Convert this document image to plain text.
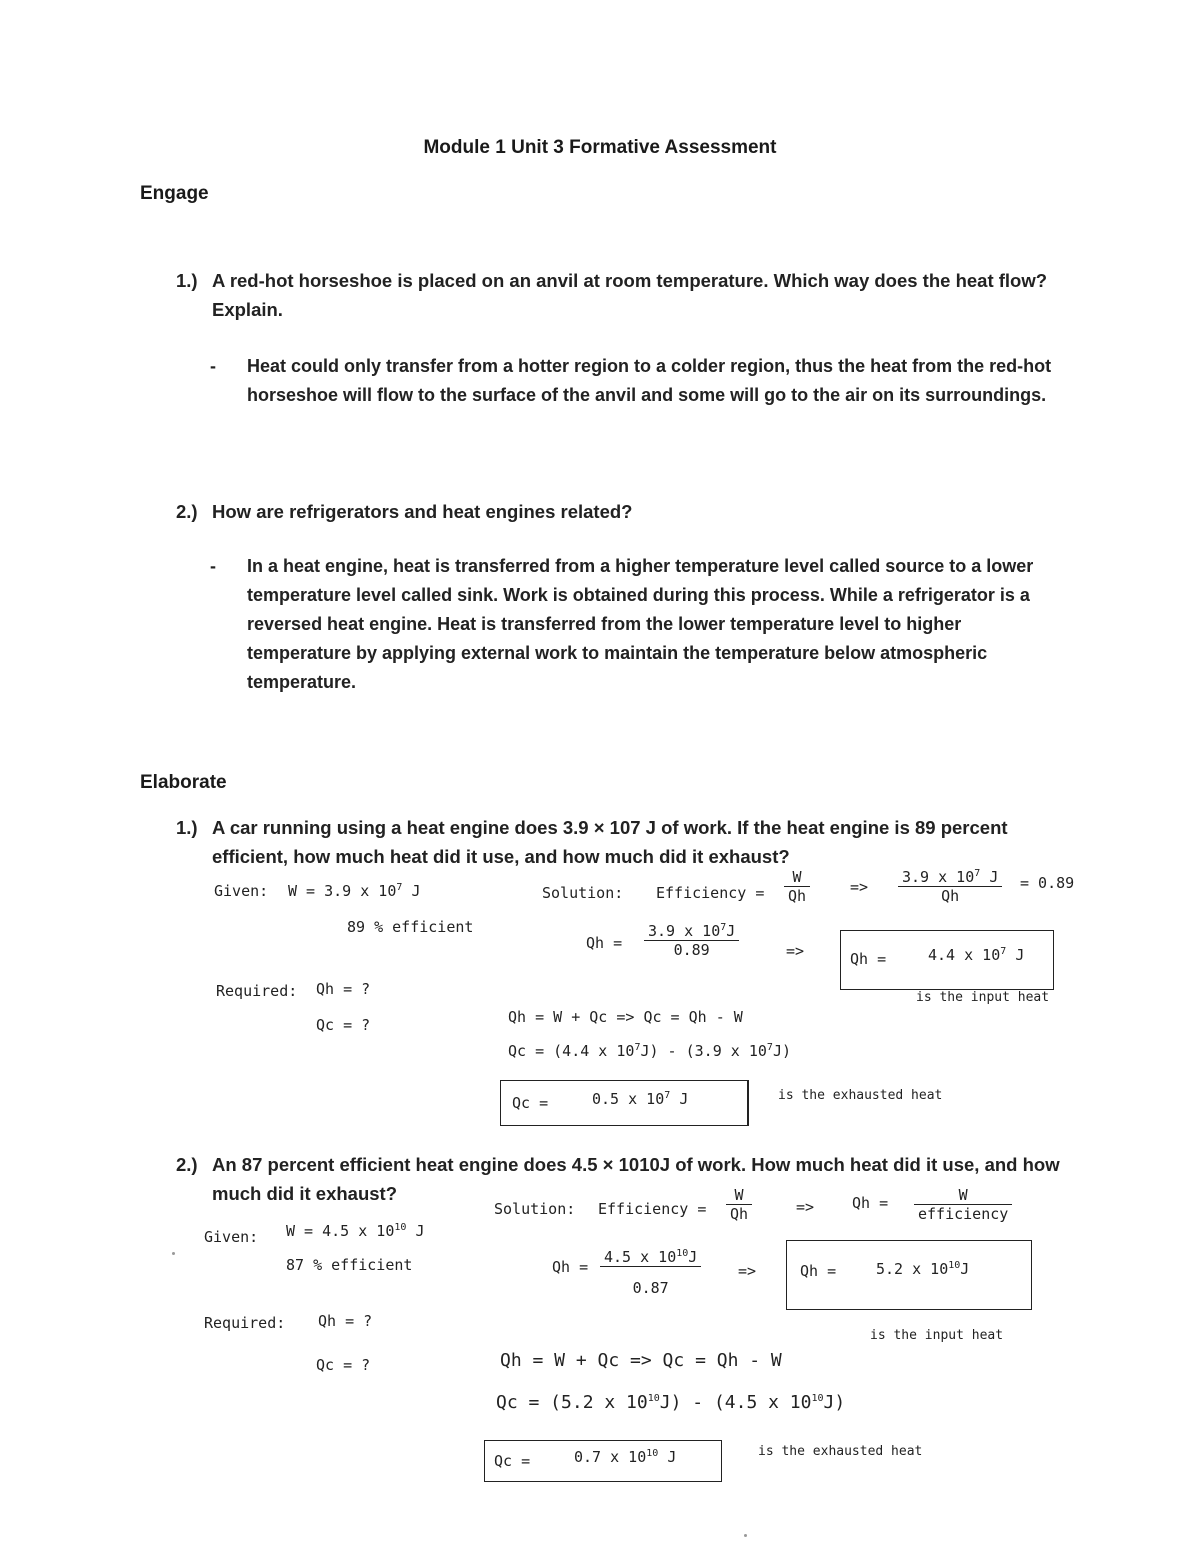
Module 1 Unit 3 Formative Assessment
Engage
1.) A red-hot horseshoe is placed on an anvil at room temperature. Which way does the heat flow? Explain.
- Heat could only transfer from a hotter region to a colder region, thus the heat from the red-hot horseshoe will flow to the surface of the anvil and some will go to the air on its surroundings.
2.) How are refrigerators and heat engines related?
- In a heat engine, heat is transferred from a higher temperature level called source to a lower temperature level called sink. Work is obtained during this process. While a refrigerator is a reversed heat engine. Heat is transferred from the lower temperature level to higher temperature by applying external work to maintain the temperature below atmospheric temperature.
Elaborate
1.) A car running using a heat engine does 3.9 × 107 J of work. If the heat engine is 89 percent efficient, how much heat did it use, and how much did it exhaust?
Given: W = 3.9 x $10^7$ J
89 % efficient
Required: Qh = ?
Qc = ?
Solution: Efficiency = $\frac{W}{Qh}$	=> $\frac{3.9 x 10^7 J}{Qh} = 0.89$
$Qh = \frac{3.9 x 10^7J}{0.89}$	=>	Qh =	4.4 x $10^7$ J
is the input heat
Qh = W + Qc => Qc = Qh - W
Qc = (4.4 x $10^7J) - (3.9$ x $10^7J$)
Qc =	0.5 x $10^7$ J	is the exhausted heat
2.) An 87 percent efficient heat engine does 4.5 × 1010J of work. How much heat did it use, and how much did it exhaust?
Given: W = 4.5 x $10^{10}$ J
87 % efficient
Required: Qh = ?
Qc = ?
Solution: Efficiency = $\frac{W}{Qh}$	=>	$Qh = \frac{W}{\text{efficiency}}$
$Qh = \frac{4.5 x 10^{10}J}{0.87}$ =>	Qh =	5.2 x $10^{10}J$
is the input heat
Qh = W + Qc => Qc = Qh - W
Qc = (5.2 x $10^{10}J) - (4.5$ x $10^{10}J$)
Qc =	0.7 x $10^{10}$ J	is the exhausted heat
